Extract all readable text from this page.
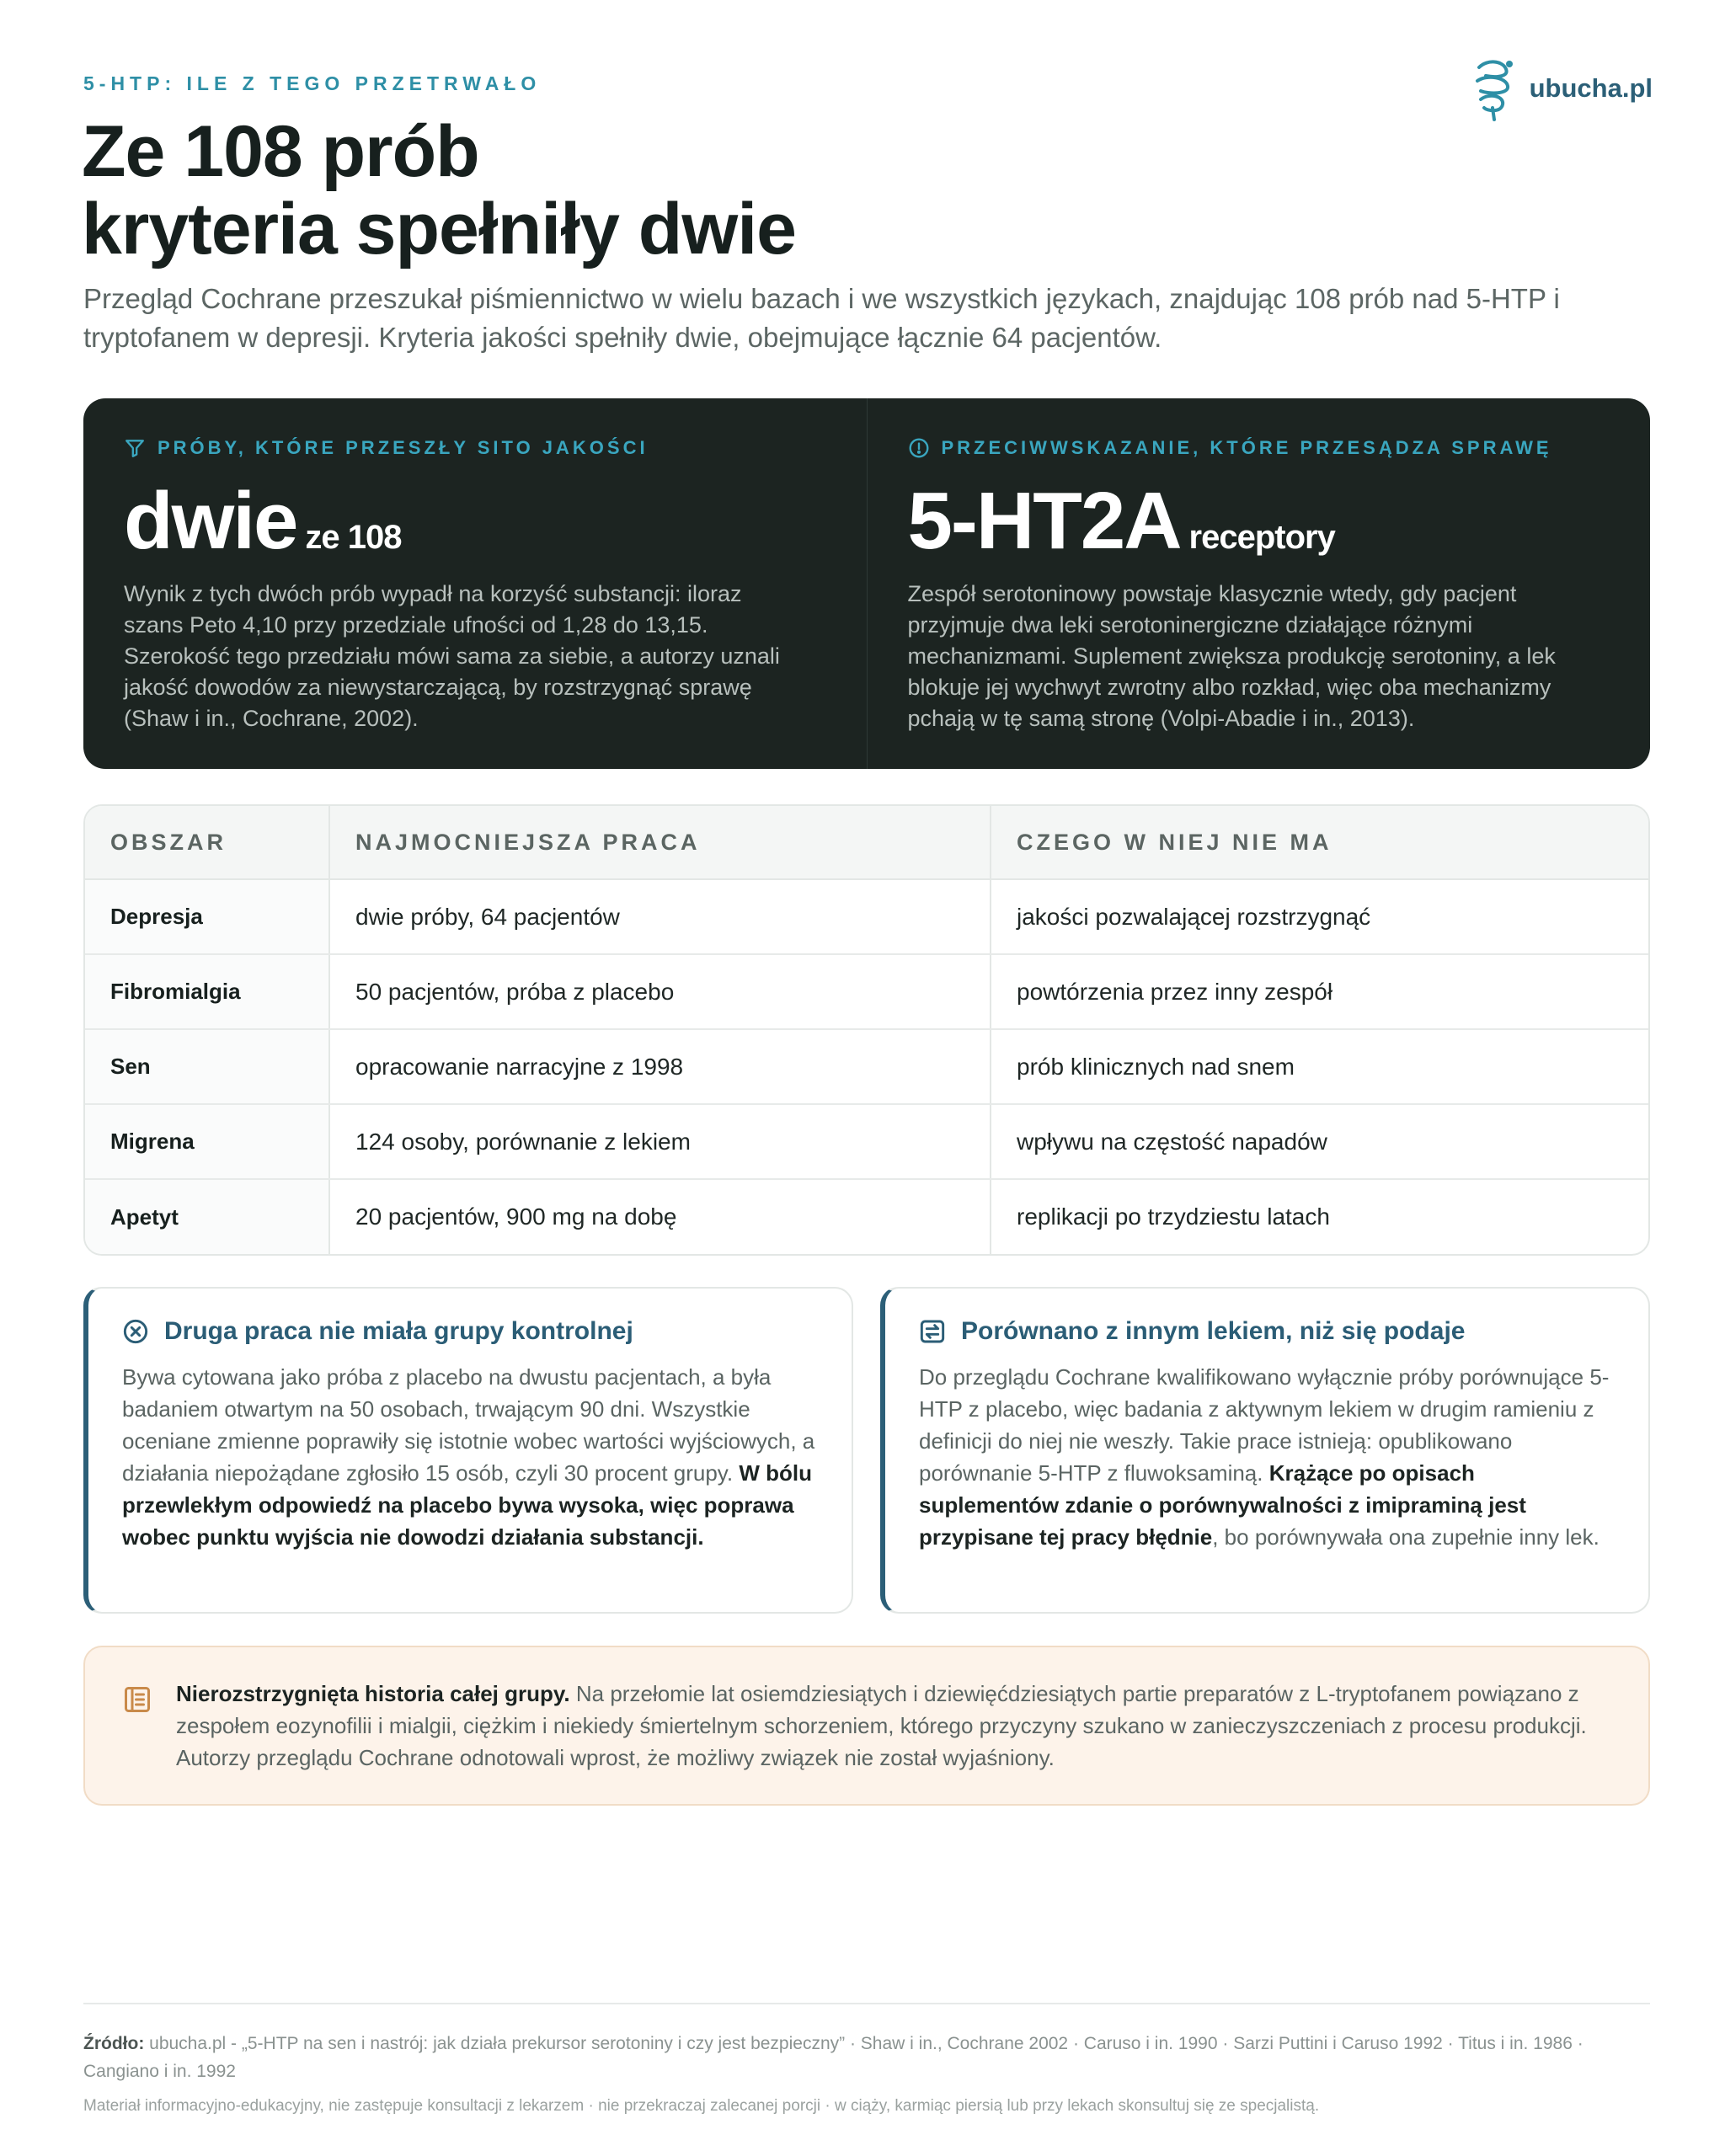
5-HTP: ILE Z TEGO PRZETRWAŁO	ubucha.pl
Ze 108 prób
kryteria spełniły dwie

Przegląd Cochrane przeszukał piśmiennictwo w wielu bazach i we wszystkich językach, znajdując 108 prób nad 5-HTP i tryptofanem w depresji. Kryteria jakości spełniły dwie, obejmujące łącznie 64 pacjentów.

PRÓBY, KTÓRE PRZESZŁY SITO JAKOŚCI
dwie ze 108

Wynik z tych dwóch prób wypadł na korzyść substancji: iloraz szans Peto 4,10 przy przedziale ufności od 1,28 do 13,15. Szerokość tego przedziału mówi sama za siebie, a autorzy uznali jakość dowodów za niewystarczającą, by rozstrzygnąć sprawę (Shaw i in., Cochrane, 2002).

PRZECIWWSKAZANIE, KTÓRE PRZESĄDZA SPRAWĘ
5-HT2A receptory

Zespół serotoninowy powstaje klasycznie wtedy, gdy pacjent przyjmuje dwa leki serotoninergiczne działające różnymi mechanizmami. Suplement zwiększa produkcję serotoniny, a lek blokuje jej wychwyt zwrotny albo rozkład, więc oba mechanizmy pchają w tę samą stronę (Volpi-Abadie i in., 2013).

OBSZAR	NAJMOCNIEJSZA PRACA	CZEGO W NIEJ NIE MA
Depresja	dwie próby, 64 pacjentów	jakości pozwalającej rozstrzygnąć
Fibromialgia	50 pacjentów, próba z placebo	powtórzenia przez inny zespół
Sen	opracowanie narracyjne z 1998	prób klinicznych nad snem
Migrena	124 osoby, porównanie z lekiem	wpływu na częstość napadów
Apetyt	20 pacjentów, 900 mg na dobę	replikacji po trzydziestu latach
Druga praca nie miała grupy kontrolnej

Bywa cytowana jako próba z placebo na dwustu pacjentach, a była badaniem otwartym na 50 osobach, trwającym 90 dni. Wszystkie oceniane zmienne poprawiły się istotnie wobec wartości wyjściowych, a działania niepożądane zgłosiło 15 osób, czyli 30 procent grupy. W bólu przewlekłym odpowiedź na placebo bywa wysoka, więc poprawa wobec punktu wyjścia nie dowodzi działania substancji.

Porównano z innym lekiem, niż się podaje

Do przeglądu Cochrane kwalifikowano wyłącznie próby porównujące 5-HTP z placebo, więc badania z aktywnym lekiem w drugim ramieniu z definicji do niej nie weszły. Takie prace istnieją: opublikowano porównanie 5-HTP z fluwoksaminą. Krążące po opisach suplementów zdanie o porównywalności z imipraminą jest przypisane tej pracy błędnie, bo porównywała ona zupełnie inny lek.

Nierozstrzygnięta historia całej grupy. Na przełomie lat osiemdziesiątych i dziewięćdziesiątych partie preparatów z L-tryptofanem powiązano z zespołem eozynofilii i mialgii, ciężkim i niekiedy śmiertelnym schorzeniem, którego przyczyny szukano w zanieczyszczeniach z procesu produkcji. Autorzy przeglądu Cochrane odnotowali wprost, że możliwy związek nie został wyjaśniony.

Źródło: ubucha.pl - „5-HTP na sen i nastrój: jak działa prekursor serotoniny i czy jest bezpieczny” · Shaw i in., Cochrane 2002 · Caruso i in. 1990 · Sarzi Puttini i Caruso 1992 · Titus i in. 1986 · Cangiano i in. 1992

Materiał informacyjno-edukacyjny, nie zastępuje konsultacji z lekarzem · nie przekraczaj zalecanej porcji · w ciąży, karmiąc piersią lub przy lekach skonsultuj się ze specjalistą.
